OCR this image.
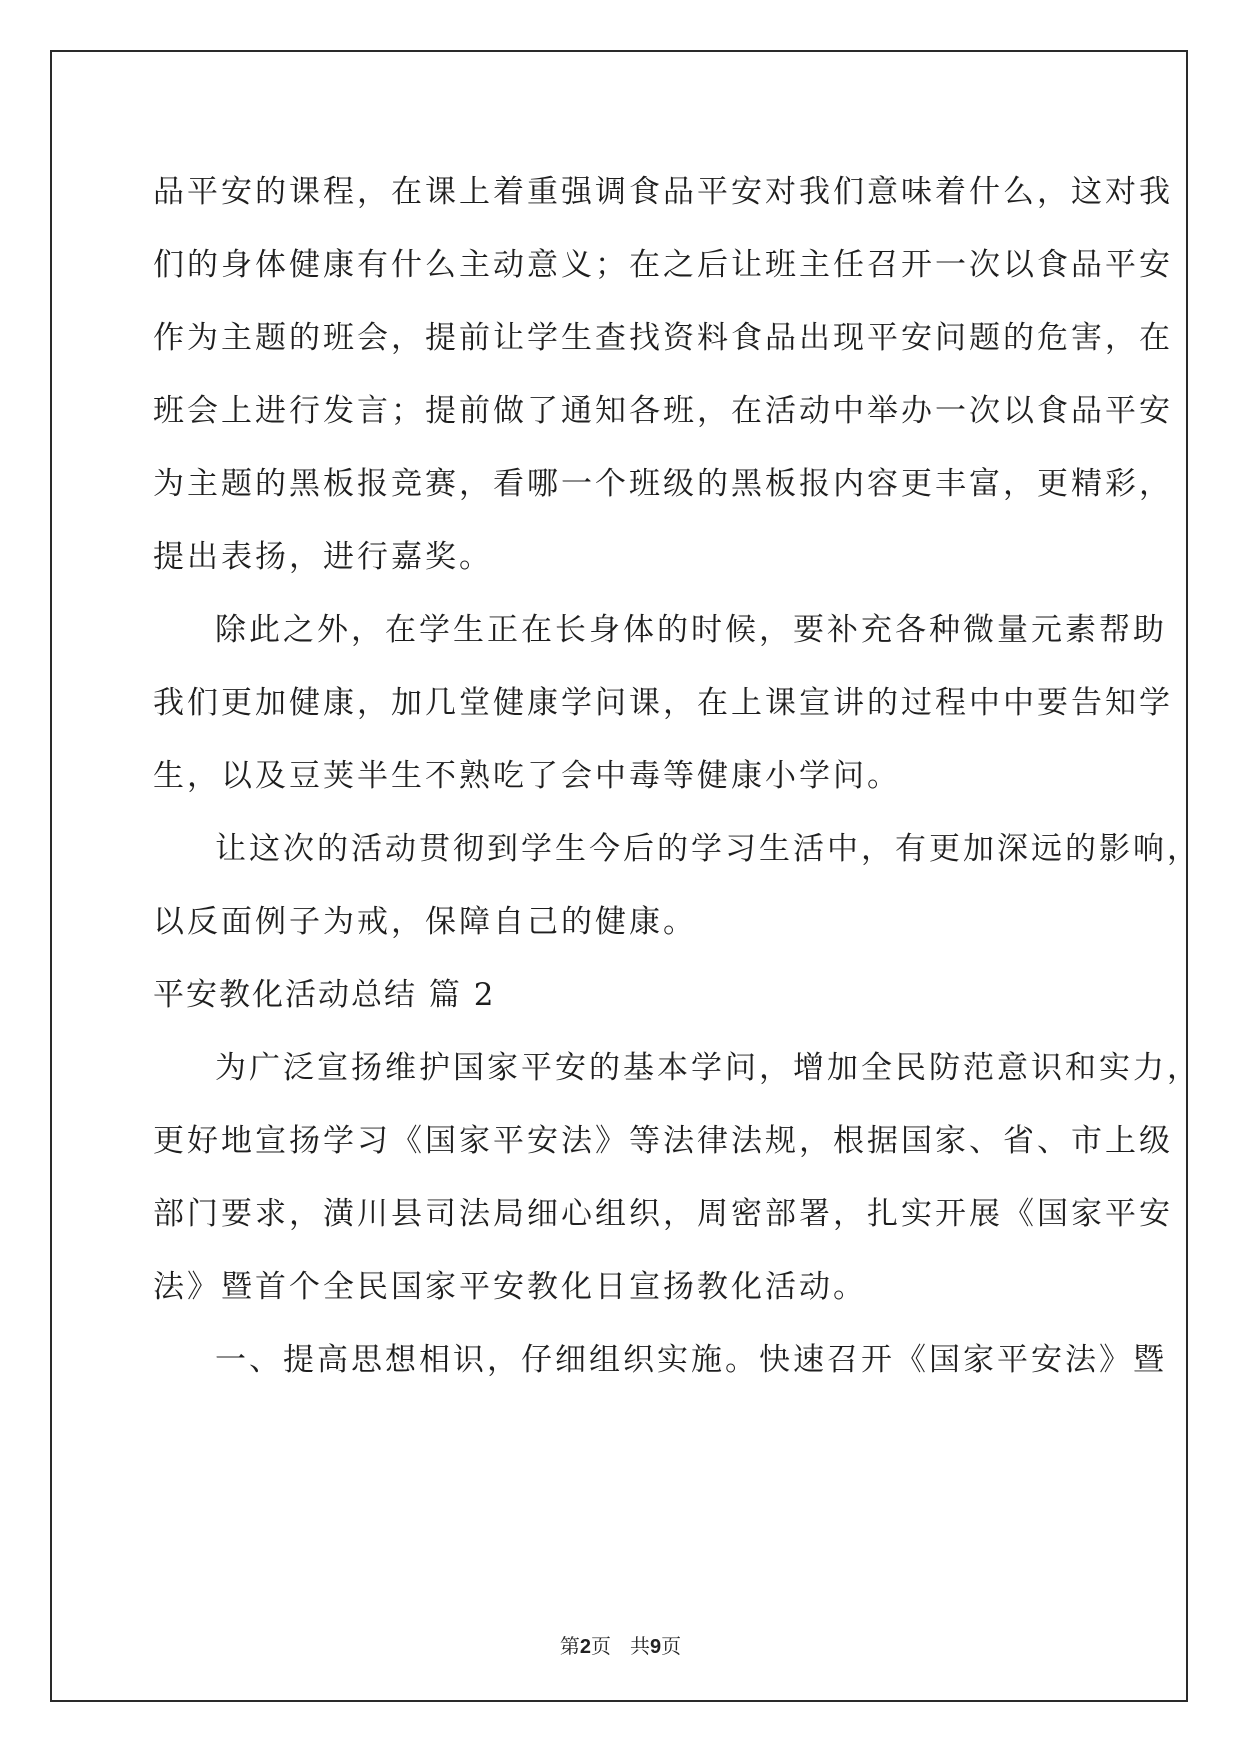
品平安的课程，在课上着重强调食品平安对我们意味着什么，这对我
们的身体健康有什么主动意义；在之后让班主任召开一次以食品平安
作为主题的班会，提前让学生查找资料食品出现平安问题的危害，在
班会上进行发言；提前做了通知各班，在活动中举办一次以食品平安
为主题的黑板报竞赛，看哪一个班级的黑板报内容更丰富，更精彩，
提出表扬，进行嘉奖。
除此之外，在学生正在长身体的时候，要补充各种微量元素帮助
我们更加健康，加几堂健康学问课，在上课宣讲的过程中中要告知学
生，以及豆荚半生不熟吃了会中毒等健康小学问。
让这次的活动贯彻到学生今后的学习生活中，有更加深远的影响，
以反面例子为戒，保障自己的健康。
平安教化活动总结 篇 2
为广泛宣扬维护国家平安的基本学问，增加全民防范意识和实力，
更好地宣扬学习《国家平安法》等法律法规，根据国家、省、市上级
部门要求，潢川县司法局细心组织，周密部署，扎实开展《国家平安
法》暨首个全民国家平安教化日宣扬教化活动。
一、提高思想相识，仔细组织实施。快速召开《国家平安法》暨
第2页   共9页
